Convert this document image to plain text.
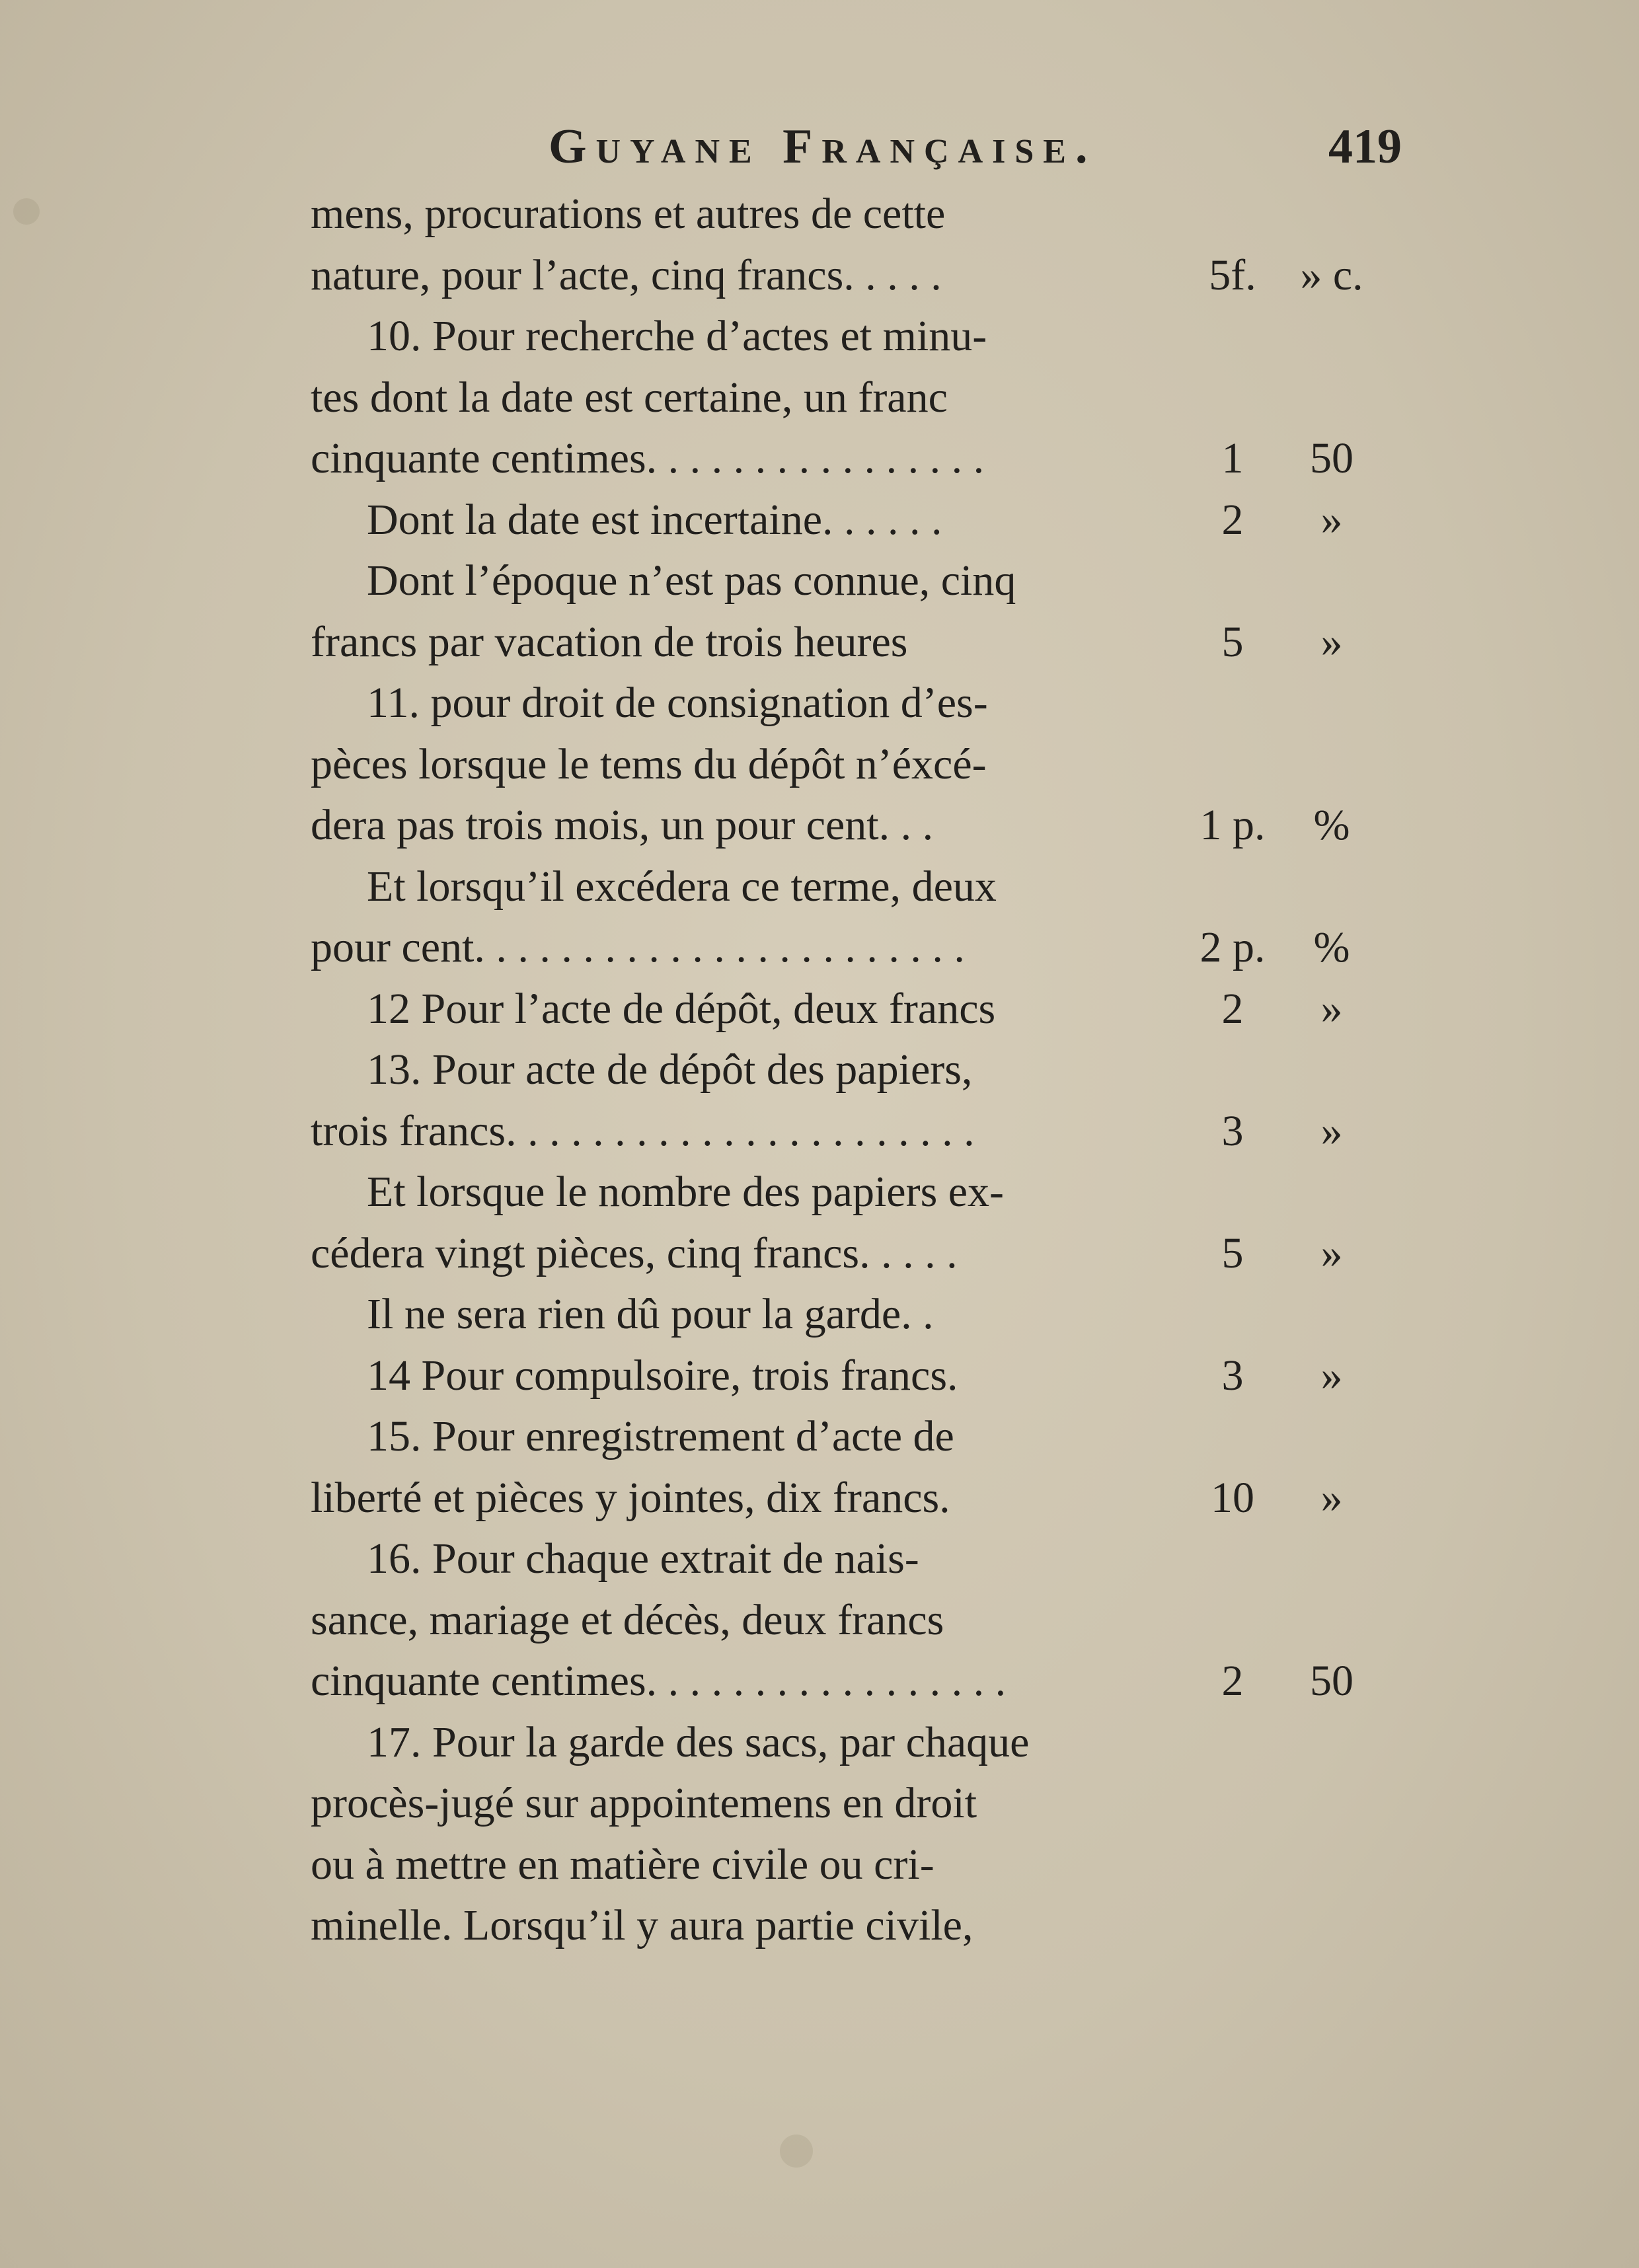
Guyane Française.	419
mens, procurations et autres de cette
nature, pour l’acte, cinq francs. . . . .	5f.	» c.
10. Pour recherche d’actes et minu-
tes dont la date est certaine, un franc
cinquante centimes. . . . . . . . . . . . . . . .	1	50
Dont la date est incertaine. . . . . .	2	»
Dont l’époque n’est pas connue, cinq
francs par vacation de trois heures	5	»
11. pour droit de consignation d’es-
pèces lorsque le tems du dépôt n’éxcé-
dera pas trois mois, un pour cent. . .	1 p.	%
Et lorsqu’il excédera ce terme, deux
pour cent. . . . . . . . . . . . . . . . . . . . . . .	2 p.	%
12 Pour l’acte de dépôt, deux francs	2	»
13. Pour acte de dépôt des papiers,
trois francs. . . . . . . . . . . . . . . . . . . . . .	3	»
Et lorsque le nombre des papiers ex-
cédera vingt pièces, cinq francs. . . . .	5	»
Il ne sera rien dû pour la garde. .
14 Pour compulsoire, trois francs.	3	»
15. Pour enregistrement d’acte de
liberté et pièces y jointes, dix francs.	10	»
16. Pour chaque extrait de nais-
sance, mariage et décès, deux francs
cinquante centimes. . . . . . . . . . . . . . . . .	2	50
17. Pour la garde des sacs, par chaque
procès-jugé sur appointemens en droit
ou à mettre en matière civile ou cri-
minelle. Lorsqu’il y aura partie civile,
